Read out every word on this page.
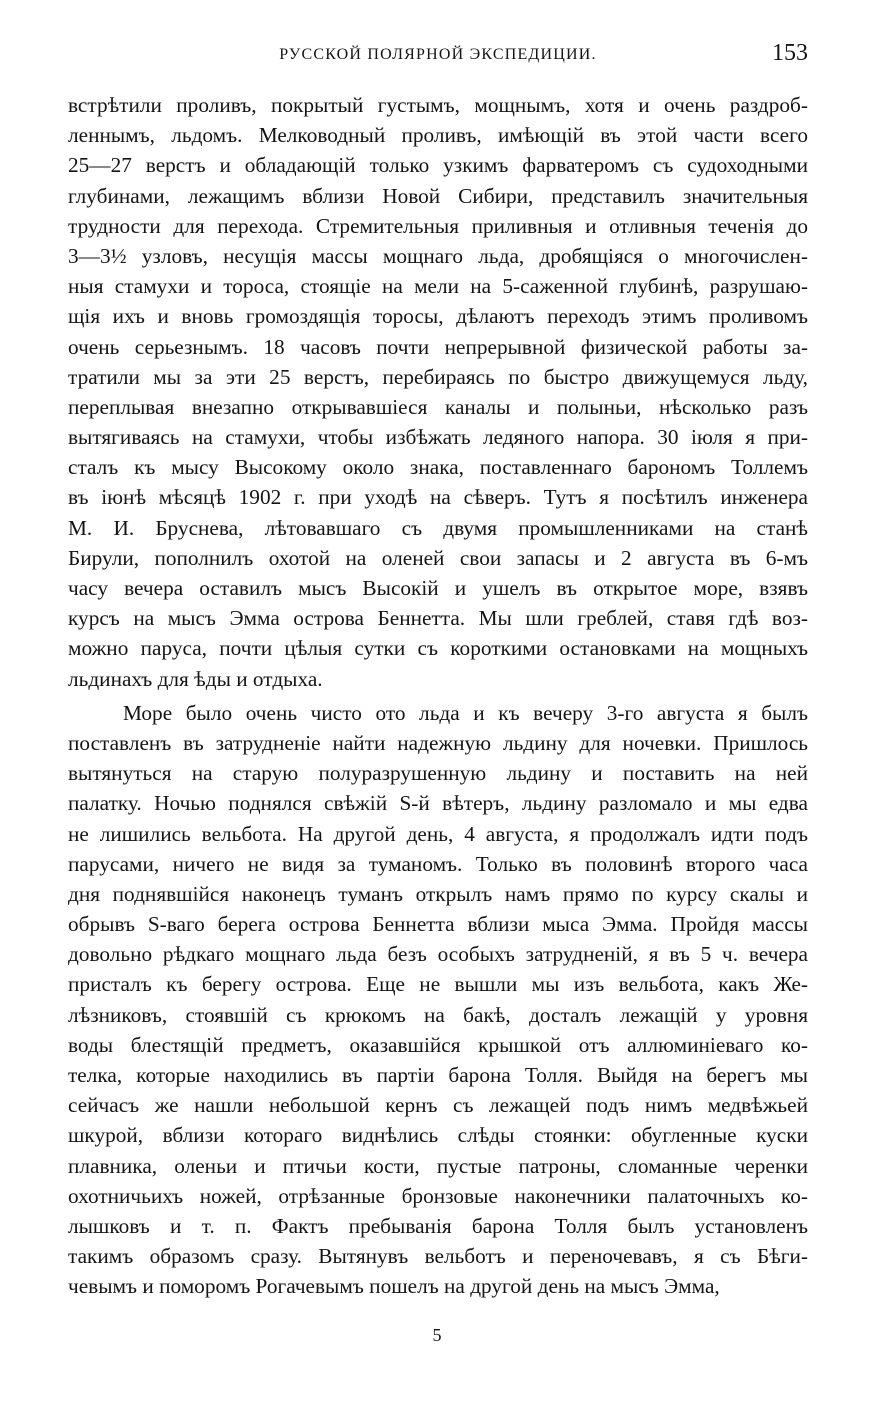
РУССКОЙ ПОЛЯРНОЙ ЭКСПЕДИЦИИ.	153
встрѣтили проливъ, покрытый густымъ, мощнымъ, хотя и очень раздроб-
леннымъ, льдомъ. Мелководный проливъ, имѣющій въ этой части всего
25—27 верстъ и обладающій только узкимъ фарватеромъ съ судоходными
глубинами, лежащимъ вблизи Новой Сибири, представилъ значительныя
трудности для перехода. Стремительныя приливныя и отливныя теченія до
3—3½ узловъ, несущія массы мощнаго льда, дробящіяся о многочислен-
ныя стамухи и тороса, стоящіе на мели на 5-саженной глубинѣ, разрушаю-
щія ихъ и вновь громоздящія торосы, дѣлаютъ переходъ этимъ проливомъ
очень серьезнымъ. 18 часовъ почти непрерывной физической работы за-
тратили мы за эти 25 верстъ, перебираясь по быстро движущемуся льду,
переплывая внезапно открывавшіеся каналы и полыньи, нѣсколько разъ
вытягиваясь на стамухи, чтобы избѣжать ледяного напора. 30 іюля я при-
сталъ къ мысу Высокому около знака, поставленнаго барономъ Толлемъ
въ іюнѣ мѣсяцѣ 1902 г. при уходѣ на сѣверъ. Тутъ я посѣтилъ инженера
М. И. Бруснева, лѣтовавшаго съ двумя промышленниками на станѣ
Бирули, пополнилъ охотой на оленей свои запасы и 2 августа въ 6-мъ
часу вечера оставилъ мысъ Высокій и ушелъ въ открытое море, взявъ
курсъ на мысъ Эмма острова Беннетта. Мы шли греблей, ставя гдѣ воз-
можно паруса, почти цѣлыя сутки съ короткими остановками на мощныхъ
льдинахъ для ѣды и отдыха.
Море было очень чисто ото льда и къ вечеру 3-го августа я былъ
поставленъ въ затрудненіе найти надежную льдину для ночевки. Пришлось
вытянуться на старую полуразрушенную льдину и поставить на ней
палатку. Ночью поднялся свѣжій S-й вѣтеръ, льдину разломало и мы едва
не лишились вельбота. На другой день, 4 августа, я продолжалъ идти подъ
парусами, ничего не видя за туманомъ. Только въ половинѣ второго часа
дня поднявшійся наконецъ туманъ открылъ намъ прямо по курсу скалы и
обрывъ S-ваго берега острова Беннетта вблизи мыса Эмма. Пройдя массы
довольно рѣдкаго мощнаго льда безъ особыхъ затрудненій, я въ 5 ч. вечера
присталъ къ берегу острова. Еще не вышли мы изъ вельбота, какъ Же-
лѣзниковъ, стоявшій съ крюкомъ на бакѣ, досталъ лежащій у уровня
воды блестящій предметъ, оказавшійся крышкой отъ аллюминіеваго ко-
телка, которые находились въ партіи барона Толля. Выйдя на берегъ мы
сейчасъ же нашли небольшой кернъ съ лежащей подъ нимъ медвѣжьей
шкурой, вблизи котораго виднѣлись слѣды стоянки: обугленные куски
плавника, оленьи и птичьи кости, пустые патроны, сломанные черенки
охотничьихъ ножей, отрѣзанные бронзовые наконечники палаточныхъ ко-
лышковъ и т. п. Фактъ пребыванія барона Толля былъ установленъ
такимъ образомъ сразу. Вытянувъ вельботъ и переночевавъ, я съ Бѣги-
чевымъ и поморомъ Рогачевымъ пошелъ на другой день на мысъ Эмма,
5
